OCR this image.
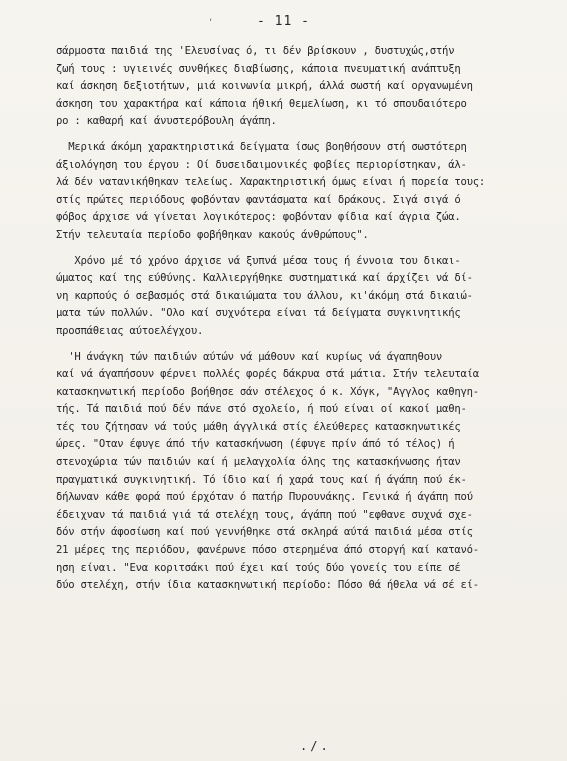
- 11 -
'
σάρμοστα παιδιά της 'Ελευσίνας ό, τι δέν βρίσκουν , δυστυχώς,στήν
ζωή τους : υγιεινές συνθήκες διαβίωσης, κάποια πνευματική ανάπτυξη
καί άσκηση δεξιοτήτων, μιά κοινωνία μικρή, άλλά σωστή καί οργανωμένη
άσκηση του χαρακτήρα καί κάποια ήθική θεμελίωση, κι τό σπουδαιότερο
ρο : καθαρή καί άνυστερόβουλη άγάπη.
Μερικά άκόμη χαρακτηριστικά δείγματα ίσως βοηθήσουν στή σωστότερη
άξιολόγηση του έργου : Οί δυσειδαιμονικές φοβίες περιορίστηκαν, άλ-
λά δέν νατανικήθηκαν τελείως. Χαρακτηριστική όμως είναι ή πορεία τους:
στίς πρώτες περιόδους φοβόνταν φαντάσματα καί δράκους. Σιγά σιγά ό
φόβος άρχισε νά γίνεται λογικότερος: φοβόνταν φίδια καί άγρια ζώα.
Στήν τελευταία περίοδο φοβήθηκαν κακούς άνθρώπους".
Χρόνο μέ τό χρόνο άρχισε νά ξυπνά μέσα τους ή έννοια του δικαι-
ώματος καί της εύθύνης. Καλλιεργήθηκε συστηματικά καί άρχίζει νά δί-
νη καρπούς ό σεβασμός στά δικαιώματα του άλλου, κι'άκόμη στά δικαιώ-
ματα τών πολλών. "Ολο καί συχνότερα είναι τά δείγματα συγκινητικής
προσπάθειας αύτοελέγχου.
'Η άνάγκη τών παιδιών αύτών νά μάθουν καί κυρίως νά άγαπηθουν
καί νά άγαπήσουν φέρνει πολλές φορές δάκρυα στά μάτια. Στήν τελευταία
κατασκηνωτική περίοδο βοήθησε σάν στέλεχος ό κ. Χόγκ, "Αγγλος καθηγη-
τής. Τά παιδιά πού δέν πάνε στό σχολείο, ή πού είναι οί κακοί μαθη-
τές του ζήτησαν νά τούς μάθη άγγλικά στίς έλεύθερες κατασκηνωτικές
ώρες. "Οταν έφυγε άπό τήν κατασκήνωση (έφυγε πρίν άπό τό τέλος) ή
στενοχώρια τών παιδιών καί ή μελαγχολία όλης της κατασκήνωσης ήταν
πραγματικά συγκινητική. Τό ίδιο καί ή χαρά τους καί ή άγάπη πού έκ-
δήλωναν κάθε φορά πού έρχόταν ό πατήρ Πυρουνάκης. Γενικά ή άγάπη πού
έδειχναν τά παιδιά γιά τά στελέχη τους, άγάπη πού "εφθανε συχνά σχε-
δόν στήν άφοσίωση καί πού γεννήθηκε στά σκληρά αύτά παιδιά μέσα στίς
21 μέρες της περιόδου, φανέρωνε πόσο στερημένα άπό στοργή καί κατανό-
ηση είναι. "Ενα κοριτσάκι πού έχει καί τούς δύο γονείς του είπε σέ
δύο στελέχη, στήν ίδια κατασκηνωτική περίοδο: Πόσο θά ήθελα νά σέ εί-
./.
